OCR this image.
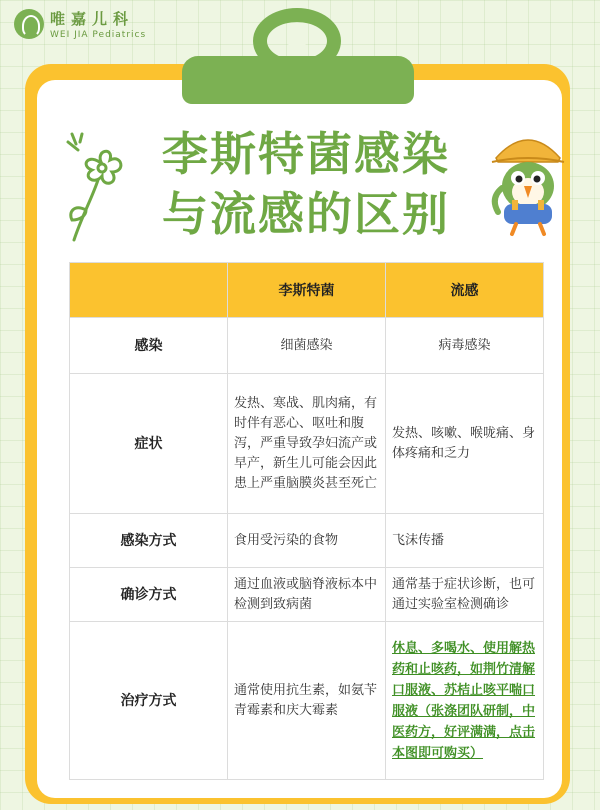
唯嘉儿科
WEI JIA Pediatrics
李斯特菌感染
与流感的区别
	李斯特菌	流感
感染	细菌感染	病毒感染
症状	发热、寒战、肌肉痛，有时伴有恶心、呕吐和腹泻，严重导致孕妇流产或早产，新生儿可能会因此患上严重脑膜炎甚至死亡	发热、咳嗽、喉咙痛、身体疼痛和乏力
感染方式	食用受污染的食物	飞沫传播
确诊方式	通过血液或脑脊液标本中检测到致病菌	通常基于症状诊断，也可通过实验室检测确诊
治疗方式	通常使用抗生素，如氨苄青霉素和庆大霉素	休息、多喝水、使用解热药和止咳药，如荆竹清解口服液、苏桔止咳平喘口服液（张涤团队研制，中医药方，好评满满，点击本图即可购买）
